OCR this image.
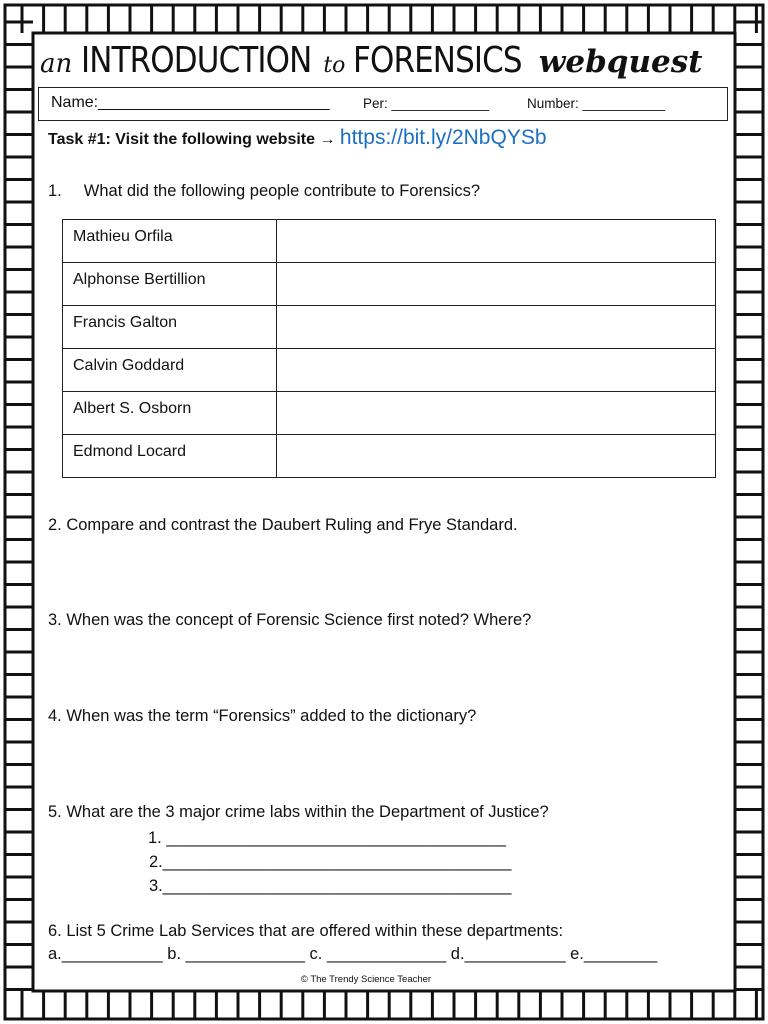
an INTRODUCTION to FORENSICS webquest
Name:__________________________ Per: _____________	Number: ___________
Task #1: Visit the following website → https://bit.ly/2NbQYSb
1. What did the following people contribute to Forensics?
Mathieu Orfila	
Alphonse Bertillion	
Francis Galton	
Calvin Goddard	
Albert S. Osborn	
Edmond Locard	
2. Compare and contrast the Daubert Ruling and Frye Standard.
3. When was the concept of Forensic Science first noted? Where?
4. When was the term “Forensics” added to the dictionary?
5. What are the 3 major crime labs within the Department of Justice?
1. _____________________________________
2.______________________________________
3.______________________________________
6. List 5 Crime Lab Services that are offered within these departments:
a.___________ b. _____________ c. _____________ d.___________ e.________
© The Trendy Science Teacher
